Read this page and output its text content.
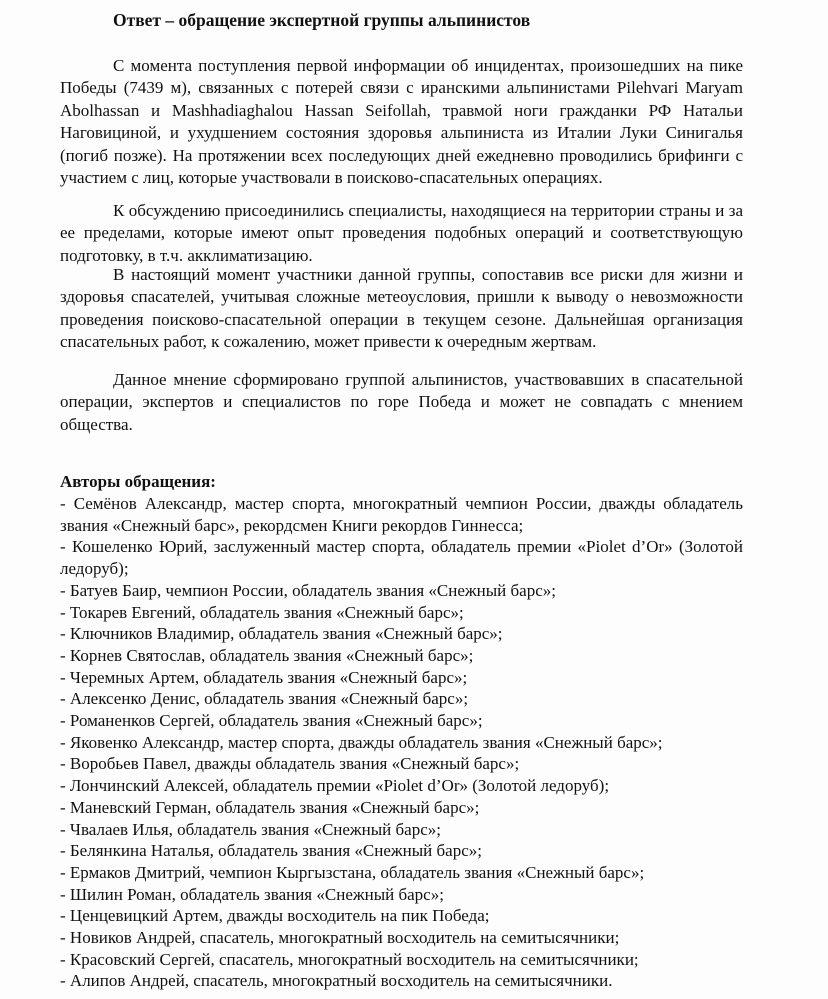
Ответ – обращение экспертной группы альпинистов

С момента поступления первой информации об инцидентах, произошедших на пике Победы (7439 м), связанных с потерей связи с иранскими альпинистами Pilehvari Maryam Abolhassan и Mashhadiaghalou Hassan Seifollah, травмой ноги гражданки РФ Натальи Наговициной, и ухудшением состояния здоровья альпиниста из Италии Луки Синигалья (погиб позже). На протяжении всех последующих дней ежедневно проводились брифинги с участием с лиц, которые участвовали в поисково-спасательных операциях.

К обсуждению присоединились специалисты, находящиеся на территории страны и за ее пределами, которые имеют опыт проведения подобных операций и соответствующую подготовку, в т.ч. акклиматизацию.

В настоящий момент участники данной группы, сопоставив все риски для жизни и здоровья спасателей, учитывая сложные метеоусловия, пришли к выводу о невозможности проведения поисково-спасательной операции в текущем сезоне. Дальнейшая организация спасательных работ, к сожалению, может привести к очередным жертвам.

Данное мнение сформировано группой альпинистов, участвовавших в спасательной операции, экспертов и специалистов по горе Победа и может не совпадать с мнением общества.

Авторы обращения:
- Семёнов Александр, мастер спорта, многократный чемпион России, дважды обладатель звания «Снежный барс», рекордсмен Книги рекордов Гиннесса;
- Кошеленко Юрий, заслуженный мастер спорта, обладатель премии «Piolet d’Or» (Золотой ледоруб);
- Батуев Баир, чемпион России, обладатель звания «Снежный барс»;
- Токарев Евгений, обладатель звания «Снежный барс»;
- Ключников Владимир, обладатель звания «Снежный барс»;
- Корнев Святослав, обладатель звания «Снежный барс»;
- Черемных Артем, обладатель звания «Снежный барс»;
- Алексенко Денис, обладатель звания «Снежный барс»;
- Романенков Сергей, обладатель звания «Снежный барс»;
- Яковенко Александр, мастер спорта, дважды обладатель звания «Снежный барс»;
- Воробьев Павел, дважды обладатель звания «Снежный барс»;
- Лончинский Алексей, обладатель премии «Piolet d’Or» (Золотой ледоруб);
- Маневский Герман, обладатель звания «Снежный барс»;
- Чвалаев Илья, обладатель звания «Снежный барс»;
- Белянкина Наталья, обладатель звания «Снежный барс»;
- Ермаков Дмитрий, чемпион Кыргызстана, обладатель звания «Снежный барс»;
- Шилин Роман, обладатель звания «Снежный барс»;
- Ценцевицкий Артем, дважды восходитель на пик Победа;
- Новиков Андрей, спасатель, многократный восходитель на семитысячники;
- Красовский Сергей, спасатель, многократный восходитель на семитысячники;
- Алипов Андрей, спасатель, многократный восходитель на семитысячники.
